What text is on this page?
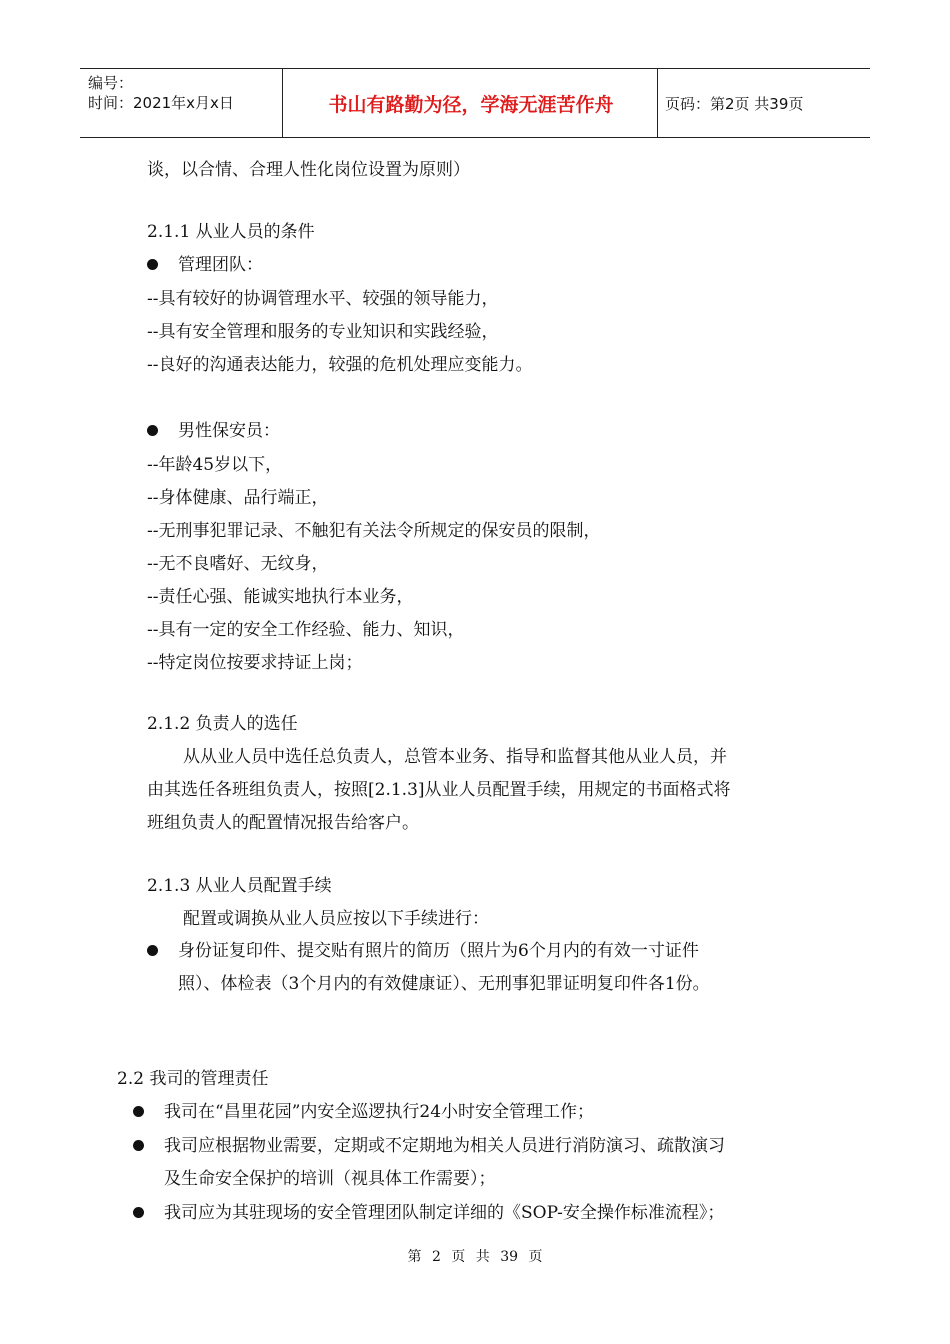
编号：
时间：2021年x月x日	书山有路勤为径，学海无涯苦作舟	页码：第2页 共39页
谈，以合情、合理人性化岗位设置为原则）
2.1.1 从业人员的条件
管理团队：
--具有较好的协调管理水平、较强的领导能力，
--具有安全管理和服务的专业知识和实践经验，
--良好的沟通表达能力，较强的危机处理应变能力。
男性保安员：
--年龄45岁以下，
--身体健康、品行端正，
--无刑事犯罪记录、不触犯有关法令所规定的保安员的限制，
--无不良嗜好、无纹身，
--责任心强、能诚实地执行本业务，
--具有一定的安全工作经验、能力、知识，
--特定岗位按要求持证上岗；
2.1.2 负责人的选任
从从业人员中选任总负责人，总管本业务、指导和监督其他从业人员，并
由其选任各班组负责人，按照[2.1.3]从业人员配置手续，用规定的书面格式将
班组负责人的配置情况报告给客户。
2.1.3 从业人员配置手续
配置或调换从业人员应按以下手续进行：
身份证复印件、提交贴有照片的简历（照片为6个月内的有效一寸证件
照）、体检表（3个月内的有效健康证）、无刑事犯罪证明复印件各1份。
2.2 我司的管理责任
我司在“昌里花园”内安全巡逻执行24小时安全管理工作；
我司应根据物业需要，定期或不定期地为相关人员进行消防演习、疏散演习
及生命安全保护的培训（视具体工作需要）；
我司应为其驻现场的安全管理团队制定详细的《SOP-安全操作标准流程》；
第 2 页 共 39 页
